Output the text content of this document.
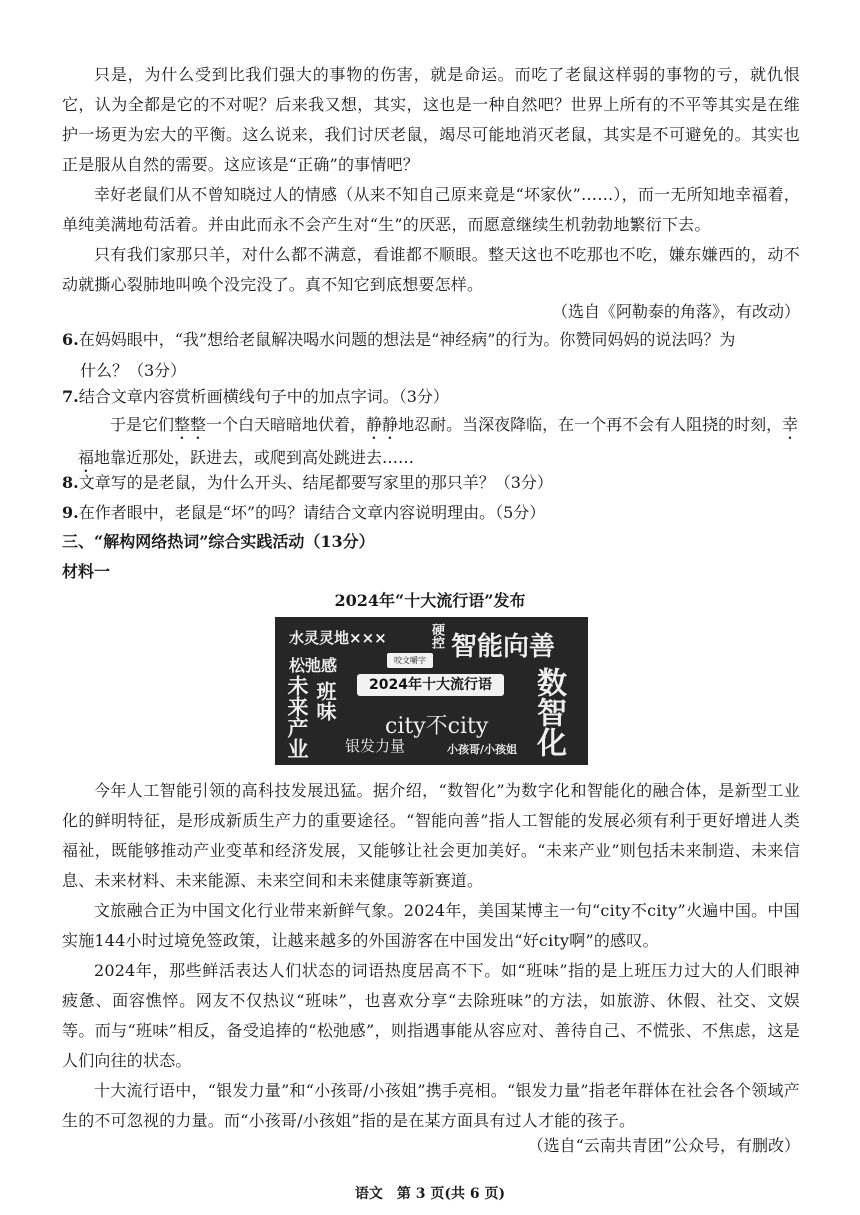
只是，为什么受到比我们强大的事物的伤害，就是命运。而吃了老鼠这样弱的事物的亏，就仇恨它，认为全都是它的不对呢？后来我又想，其实，这也是一种自然吧？世界上所有的不平等其实是在维护一场更为宏大的平衡。这么说来，我们讨厌老鼠，竭尽可能地消灭老鼠，其实是不可避免的。其实也正是服从自然的需要。这应该是“正确”的事情吧？

幸好老鼠们从不曾知晓过人的情感（从来不知自己原来竟是“坏家伙”……），而一无所知地幸福着，单纯美满地苟活着。并由此而永不会产生对“生”的厌恶，而愿意继续生机勃勃地繁衍下去。

只有我们家那只羊，对什么都不满意，看谁都不顺眼。整天这也不吃那也不吃，嫌东嫌西的，动不动就撕心裂肺地叫唤个没完没了。真不知它到底想要怎样。

（选自《阿勒泰的角落》，有改动）
6.在妈妈眼中，“我”想给老鼠解决喝水问题的想法是“神经病”的行为。你赞同妈妈的说法吗？为
什么？（3分）
7.结合文章内容赏析画横线句子中的加点字词。（3分）

于是它们整整一个白天暗暗地伏着，静静地忍耐。当深夜降临，在一个再不会有人阻挠的时刻，幸福地靠近那处，跃进去，或爬到高处跳进去……

8.文章写的是老鼠，为什么开头、结尾都要写家里的那只羊？（3分）
9.在作者眼中，老鼠是“坏”的吗？请结合文章内容说明理由。（5分）
三、“解构网络热词”综合实践活动（13分）
材料一
2024年“十大流行语”发布
水灵灵地×××	硬控 智能向善
松弛感	咬文嚼字
2024年十大流行语	数智化
未来产业 班味
city不city
银发力量	小孩哥/小孩姐

今年人工智能引领的高科技发展迅猛。据介绍，“数智化”为数字化和智能化的融合体，是新型工业化的鲜明特征，是形成新质生产力的重要途径。“智能向善”指人工智能的发展必须有利于更好增进人类福祉，既能够推动产业变革和经济发展，又能够让社会更加美好。“未来产业”则包括未来制造、未来信息、未来材料、未来能源、未来空间和未来健康等新赛道。

文旅融合正为中国文化行业带来新鲜气象。2024年，美国某博主一句“city不city”火遍中国。中国实施144小时过境免签政策，让越来越多的外国游客在中国发出“好city啊”的感叹。

2024年，那些鲜活表达人们状态的词语热度居高不下。如“班味”指的是上班压力过大的人们眼神疲惫、面容憔悴。网友不仅热议“班味”，也喜欢分享“去除班味”的方法，如旅游、休假、社交、文娱等。而与“班味”相反，备受追捧的“松弛感”，则指遇事能从容应对、善待自己、不慌张、不焦虑，这是人们向往的状态。

十大流行语中，“银发力量”和“小孩哥/小孩姐”携手亮相。“银发力量”指老年群体在社会各个领域产生的不可忽视的力量。而“小孩哥/小孩姐”指的是在某方面具有过人才能的孩子。

（选自“云南共青团”公众号，有删改）
语文　第 3 页(共 6 页)
